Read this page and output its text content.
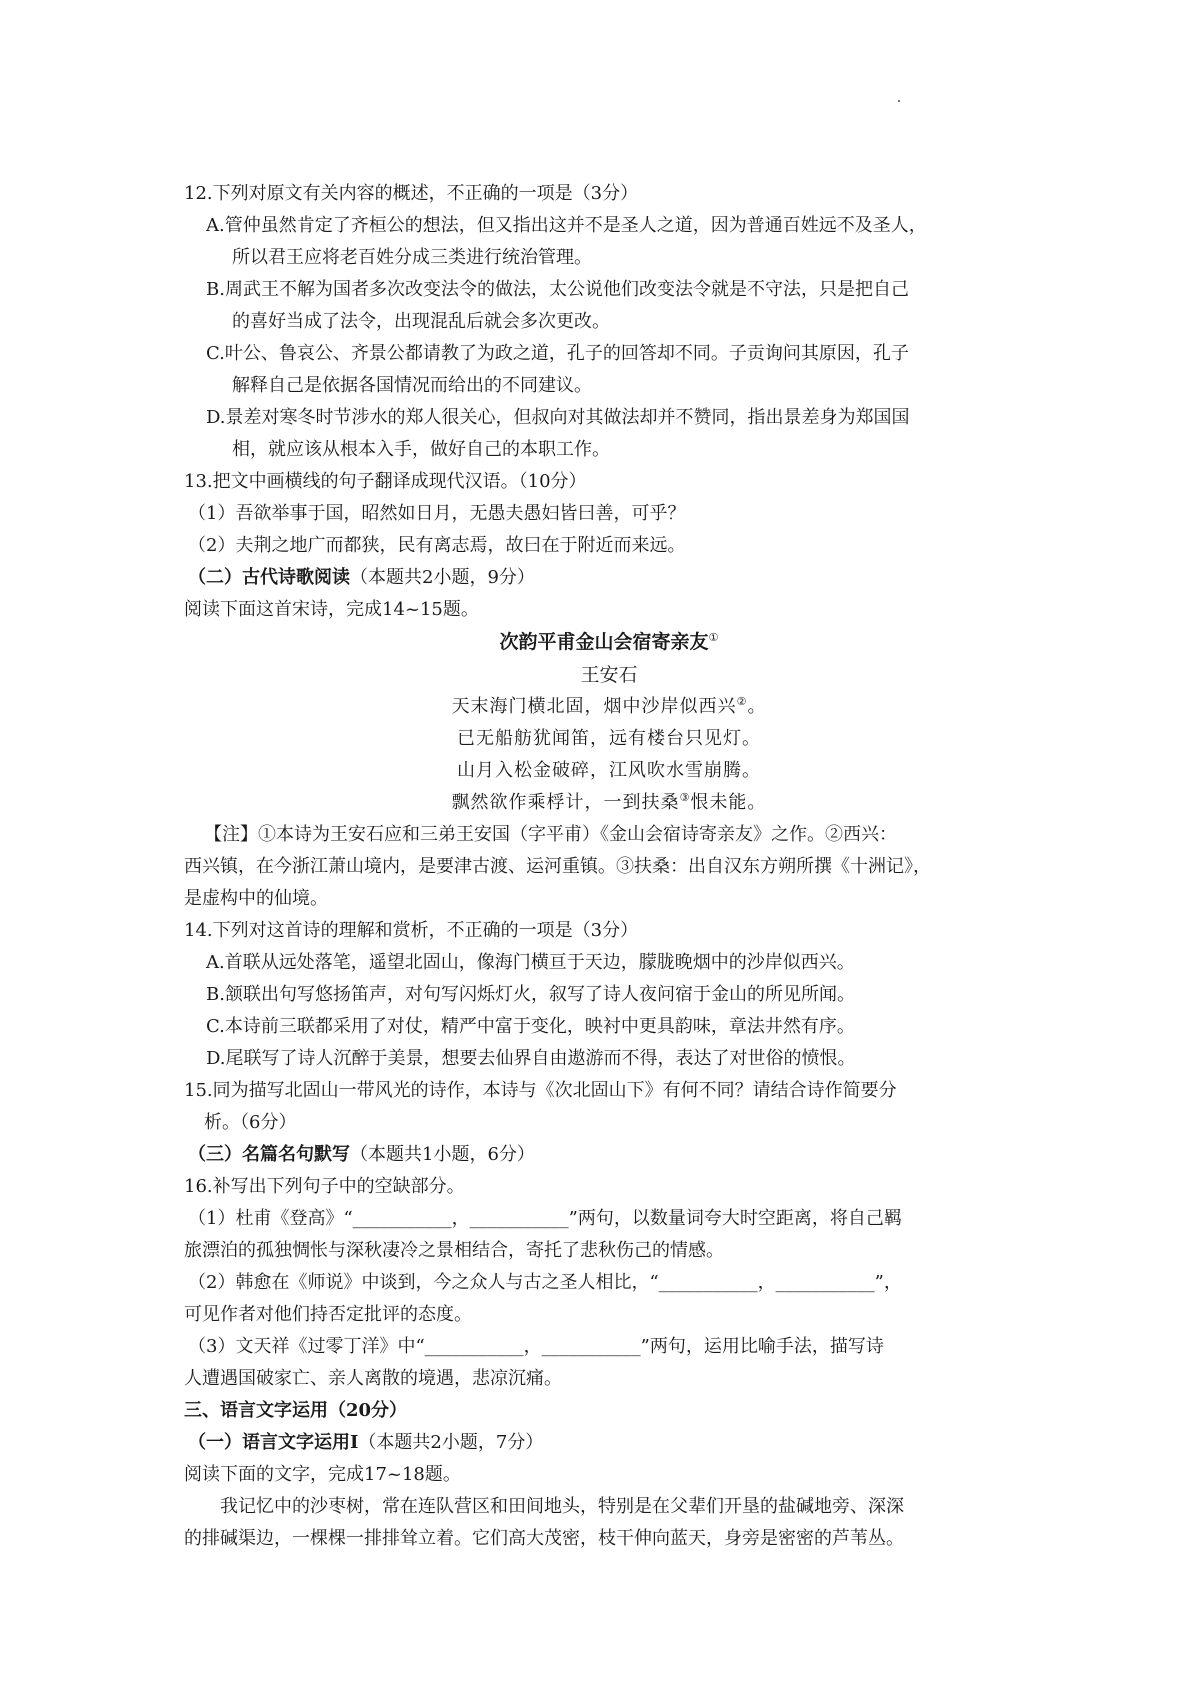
12.下列对原文有关内容的概述，不正确的一项是（3分）
A.管仲虽然肯定了齐桓公的想法，但又指出这并不是圣人之道，因为普通百姓远不及圣人，
所以君王应将老百姓分成三类进行统治管理。
B.周武王不解为国者多次改变法令的做法，太公说他们改变法令就是不守法，只是把自己
的喜好当成了法令，出现混乱后就会多次更改。
C.叶公、鲁哀公、齐景公都请教了为政之道，孔子的回答却不同。子贡询问其原因，孔子
解释自己是依据各国情况而给出的不同建议。
D.景差对寒冬时节涉水的郑人很关心，但叔向对其做法却并不赞同，指出景差身为郑国国
相，就应该从根本入手，做好自己的本职工作。
13.把文中画横线的句子翻译成现代汉语。（10分）
（1）吾欲举事于国，昭然如日月，无愚夫愚妇皆曰善，可乎？
（2）夫荆之地广而都狭，民有离志焉，故曰在于附近而来远。
（二）古代诗歌阅读（本题共2小题，9分）
阅读下面这首宋诗，完成14~15题。
次韵平甫金山会宿寄亲友①
王安石
天末海门横北固，烟中沙岸似西兴②。
已无船舫犹闻笛，远有楼台只见灯。
山月入松金破碎，江风吹水雪崩腾。
飘然欲作乘桴计，一到扶桑③恨未能。
【注】①本诗为王安石应和三弟王安国（字平甫）《金山会宿诗寄亲友》之作。②西兴：
西兴镇，在今浙江萧山境内，是要津古渡、运河重镇。③扶桑：出自汉东方朔所撰《十洲记》，
是虚构中的仙境。
14.下列对这首诗的理解和赏析，不正确的一项是（3分）
A.首联从远处落笔，遥望北固山，像海门横亘于天边，朦胧晚烟中的沙岸似西兴。
B.颔联出句写悠扬笛声，对句写闪烁灯火，叙写了诗人夜问宿于金山的所见所闻。
C.本诗前三联都采用了对仗，精严中富于变化，映衬中更具韵味，章法井然有序。
D.尾联写了诗人沉醉于美景，想要去仙界自由遨游而不得，表达了对世俗的愤恨。
15.同为描写北固山一带风光的诗作，本诗与《次北固山下》有何不同？请结合诗作简要分
析。（6分）
（三）名篇名句默写（本题共1小题，6分）
16.补写出下列句子中的空缺部分。
（1）杜甫《登高》“___________，___________”两句，以数量词夸大时空距离，将自己羁
旅漂泊的孤独惆怅与深秋凄冷之景相结合，寄托了悲秋伤己的情感。
（2）韩愈在《师说》中谈到，今之众人与古之圣人相比，“___________，___________”，
可见作者对他们持否定批评的态度。
（3）文天祥《过零丁洋》中“___________，___________”两句，运用比喻手法，描写诗
人遭遇国破家亡、亲人离散的境遇，悲凉沉痛。
三、语言文字运用（20分）
（一）语言文字运用Ⅰ（本题共2小题，7分）
阅读下面的文字，完成17~18题。
我记忆中的沙枣树，常在连队营区和田间地头，特别是在父辈们开垦的盐碱地旁、深深
的排碱渠边，一棵棵一排排耸立着。它们高大茂密，枝干伸向蓝天，身旁是密密的芦苇丛。
